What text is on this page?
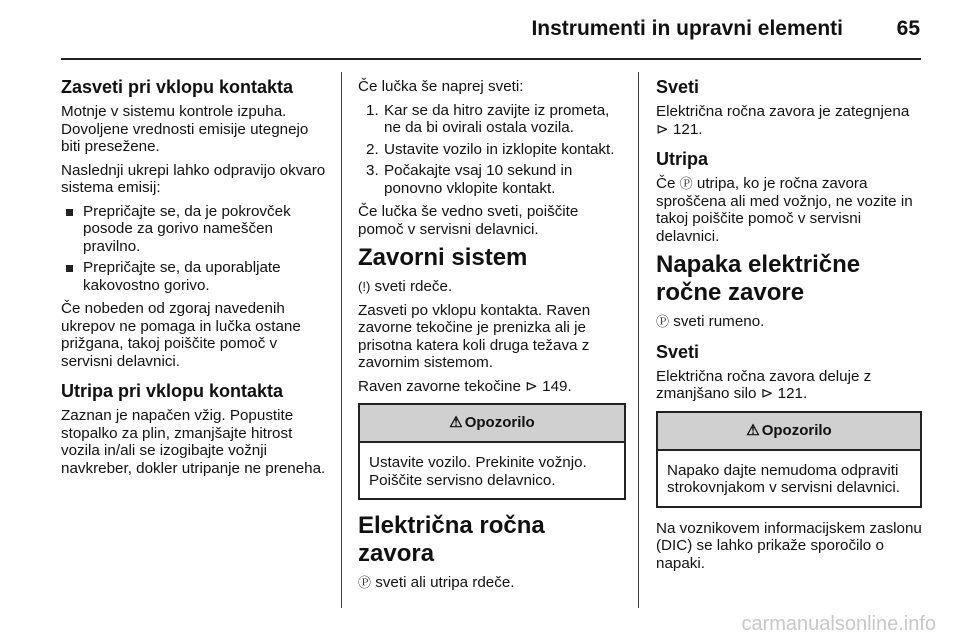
Instrumenti in upravni elementi	65

Zasveti pri vklopu kontakta

Motnje v sistemu kontrole izpuha. Dovoljene vrednosti emisije utegnejo biti presežene.

Naslednji ukrepi lahko odpravijo okvaro sistema emisij:

Prepričajte se, da je pokrovček posode za gorivo nameščen pravilno.
Prepričajte se, da uporabljate kakovostno gorivo.

Če nobeden od zgoraj navedenih ukrepov ne pomaga in lučka ostane prižgana, takoj poiščite pomoč v servisni delavnici.

Utripa pri vklopu kontakta

Zaznan je napačen vžig. Popustite stopalko za plin, zmanjšajte hitrost vozila in/ali se izogibajte vožnji navkreber, dokler utripanje ne preneha.

Če lučka še naprej sveti:

1. Kar se da hitro zavijte iz prometa, ne da bi ovirali ostala vozila.
2. Ustavite vozilo in izklopite kontakt.
3. Počakajte vsaj 10 sekund in ponovno vklopite kontakt.

Če lučka še vedno sveti, poiščite pomoč v servisni delavnici.

Zavorni sistem

(!) sveti rdeče.

Zasveti po vklopu kontakta. Raven zavorne tekočine je prenizka ali je prisotna katera koli druga težava z zavornim sistemom.

Raven zavorne tekočine ⊳ 149.

⚠ Opozorilo
Ustavite vozilo. Prekinite vožnjo. Poiščite servisno delavnico.

Električna ročna zavora

Ⓟ sveti ali utripa rdeče.

Sveti

Električna ročna zavora je zategnjena ⊳ 121.

Utripa

Če Ⓟ utripa, ko je ročna zavora sproščena ali med vožnjo, ne vozite in takoj poiščite pomoč v servisni delavnici.

Napaka električne ročne zavore

Ⓟ sveti rumeno.

Sveti

Električna ročna zavora deluje z zmanjšano silo ⊳ 121.

⚠ Opozorilo
Napako dajte nemudoma odpraviti strokovnjakom v servisni delavnici.

Na voznikovem informacijskem zaslonu (DIC) se lahko prikaže sporočilo o napaki.

carmanualsonline.info
